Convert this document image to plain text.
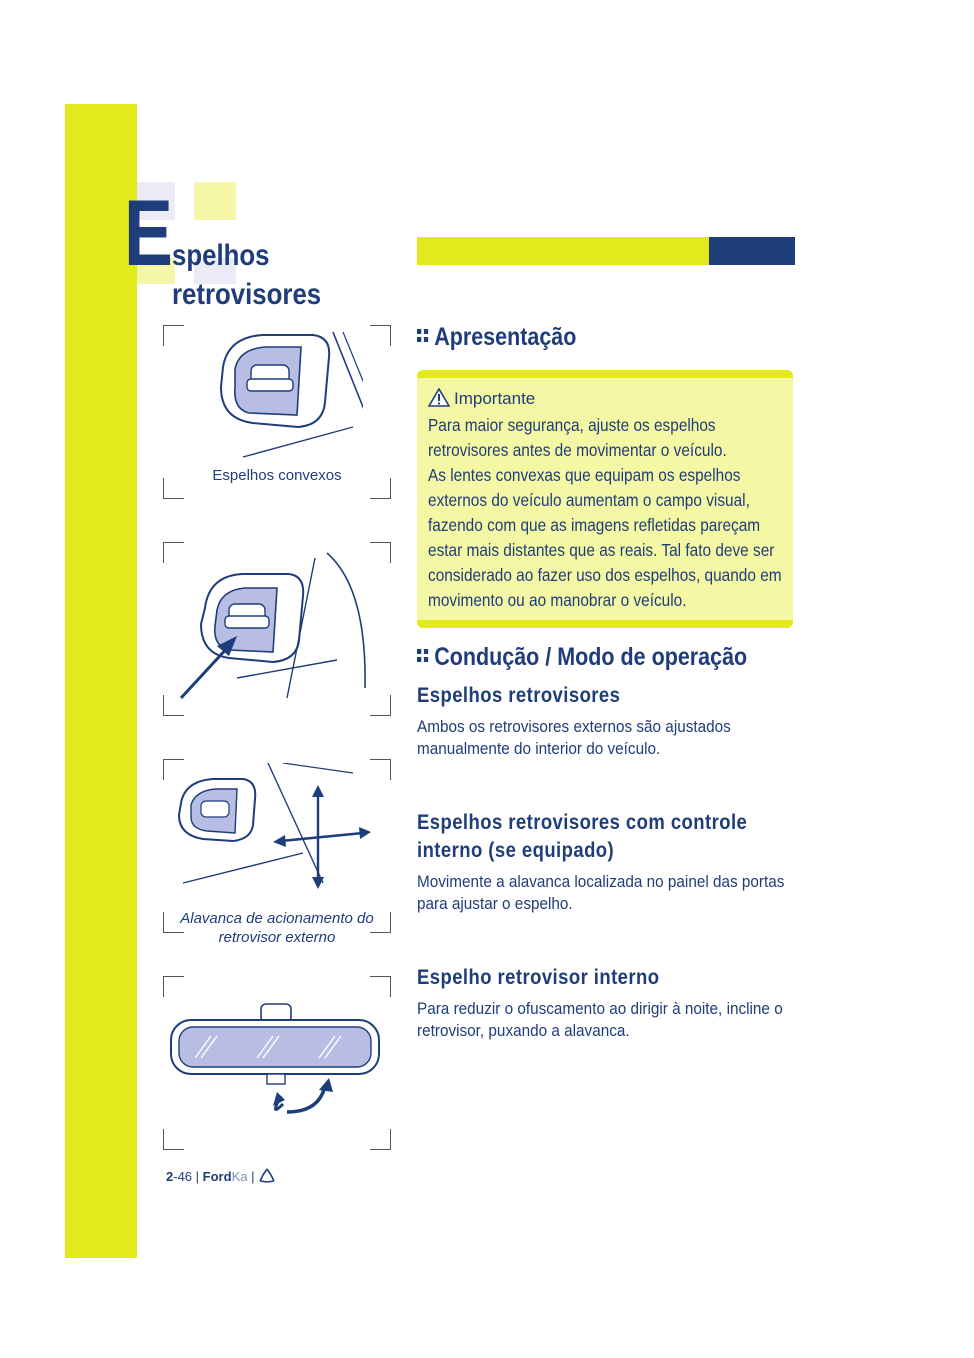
E spelhos
retrovisores
Apresentação
Importante
Para maior segurança, ajuste os espelhos retrovisores antes de movimentar o veículo.
As lentes convexas que equipam os espelhos externos do veículo aumentam o campo visual, fazendo com que as imagens refletidas pareçam estar mais distantes que as reais. Tal fato deve ser considerado ao fazer uso dos espelhos, quando em movimento ou ao manobrar o veículo.
Condução / Modo de operação
Espelhos retrovisores
Ambos os retrovisores externos são ajustados manualmente do interior do veículo.
Espelhos retrovisores com controle interno (se equipado)
Movimente a alavanca localizada no painel das portas para ajustar o espelho.
Espelho retrovisor interno
Para reduzir o ofuscamento ao dirigir à noite, incline o retrovisor, puxando a alavanca.
Espelhos convexos
Alavanca de acionamento do retrovisor externo
2-46 | FordKa |
